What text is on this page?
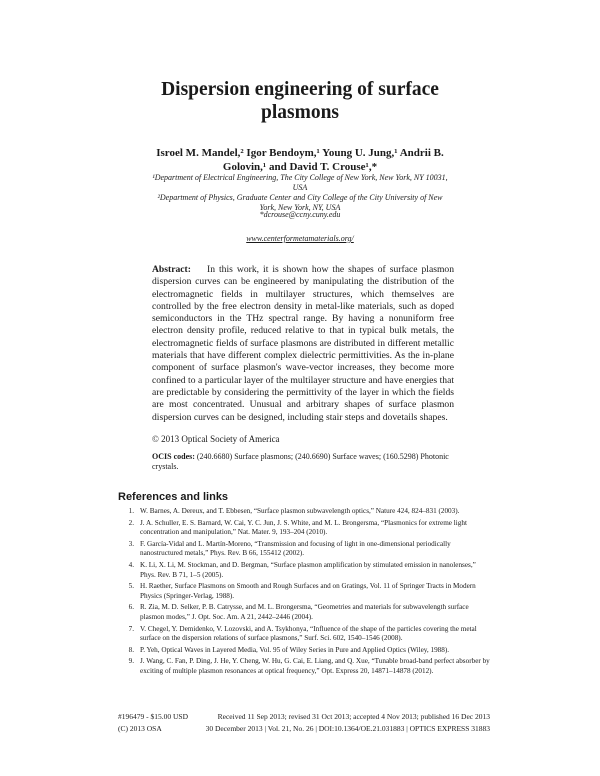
Dispersion engineering of surface
plasmons
Isroel M. Mandel,² Igor Bendoym,¹ Young U. Jung,¹ Andrii B.
Golovin,¹ and David T. Crouse¹,*
¹Department of Electrical Engineering, The City College of New York, New York, NY 10031,
USA
²Department of Physics, Graduate Center and City College of the City University of New
York, New York, NY, USA
*dcrouse@ccny.cuny.edu
www.centerformetamaterials.org/
Abstract: In this work, it is shown how the shapes of surface plasmon dispersion curves can be engineered by manipulating the distribution of the electromagnetic fields in multilayer structures, which themselves are controlled by the free electron density in metal-like materials, such as doped semiconductors in the THz spectral range. By having a nonuniform free electron density profile, reduced relative to that in typical bulk metals, the electromagnetic fields of surface plasmons are distributed in different metallic materials that have different complex dielectric permittivities. As the in-plane component of surface plasmon's wave-vector increases, they become more confined to a particular layer of the multilayer structure and have energies that are predictable by considering the permittivity of the layer in which the fields are most concentrated. Unusual and arbitrary shapes of surface plasmon dispersion curves can be designed, including stair steps and dovetails shapes.
© 2013 Optical Society of America
OCIS codes: (240.6680) Surface plasmons; (240.6690) Surface waves; (160.5298) Photonic crystals.
References and links
1. W. Barnes, A. Dereux, and T. Ebbesen, “Surface plasmon subwavelength optics,” Nature 424, 824–831 (2003).
2. J. A. Schuller, E. S. Barnard, W. Cai, Y. C. Jun, J. S. White, and M. L. Brongersma, “Plasmonics for extreme light concentration and manipulation,” Nat. Mater. 9, 193–204 (2010).
3. F. García-Vidal and L. Martín-Moreno, “Transmission and focusing of light in one-dimensional periodically nanostructured metals,” Phys. Rev. B 66, 155412 (2002).
4. K. Li, X. Li, M. Stockman, and D. Bergman, “Surface plasmon amplification by stimulated emission in nanolenses,” Phys. Rev. B 71, 1–5 (2005).
5. H. Raether, Surface Plasmons on Smooth and Rough Surfaces and on Gratings, Vol. 11 of Springer Tracts in Modern Physics (Springer-Verlag, 1988).
6. R. Zia, M. D. Selker, P. B. Catrysse, and M. L. Brongersma, “Geometries and materials for subwavelength surface plasmon modes,” J. Opt. Soc. Am. A 21, 2442–2446 (2004).
7. V. Chegel, Y. Demidenko, V. Lozovski, and A. Tsykhonya, “Influence of the shape of the particles covering the metal surface on the dispersion relations of surface plasmons,” Surf. Sci. 602, 1540–1546 (2008).
8. P. Yeh, Optical Waves in Layered Media, Vol. 95 of Wiley Series in Pure and Applied Optics (Wiley, 1988).
9. J. Wang, C. Fan, P. Ding, J. He, Y. Cheng, W. Hu, G. Cai, E. Liang, and Q. Xue, “Tunable broad-band perfect absorber by exciting of multiple plasmon resonances at optical frequency,” Opt. Express 20, 14871–14878 (2012).
#196479 - $15.00 USD	Received 11 Sep 2013; revised 31 Oct 2013; accepted 4 Nov 2013; published 16 Dec 2013
(C) 2013 OSA	30 December 2013 | Vol. 21, No. 26 | DOI:10.1364/OE.21.031883 | OPTICS EXPRESS 31883
